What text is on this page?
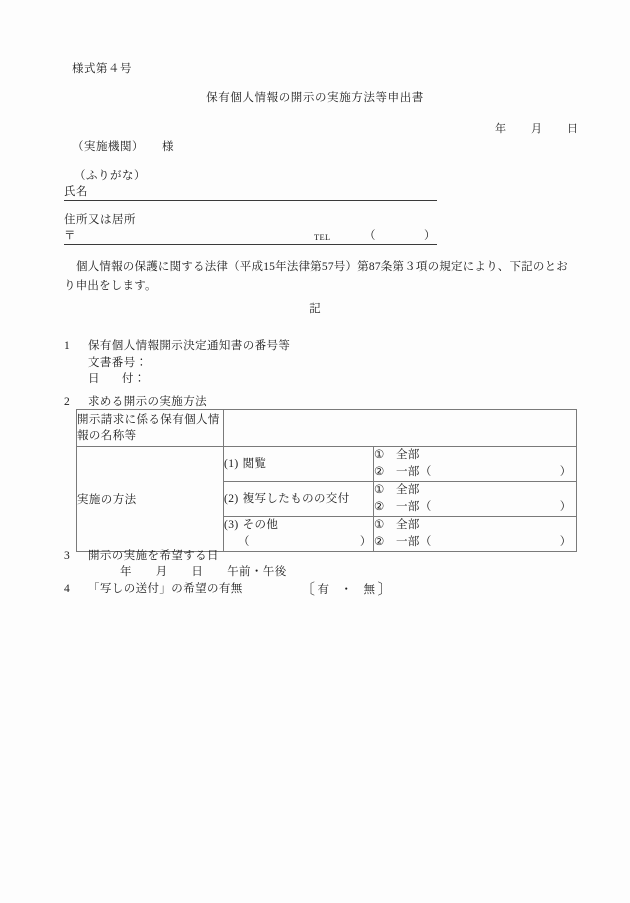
様式第４号
保有個人情報の開示の実施方法等申出書
年　月　日
（実施機関） 様
（ふりがな）
氏名
住所又は居所
〒	TEL	（　　　　）
個人情報の保護に関する法律（平成15年法律第57号）第87条第３項の規定により、下記のとおり申出をします。
記
1 保有個人情報開示決定通知書の番号等
文書番号：
日 付：
2 求める開示の実施方法
開示請求に係る保有個人情報の名称等		
実施の方法	(1) 閲覧	① 全部
② 一部（ ）

	(2) 複写したものの交付	① 全部
② 一部（ ）

	(3) その他
（ ）	① 全部
② 一部（ ）
3 開示の実施を希望する日
年　　月　　日　　午前・午後
4 「写しの送付」の希望の有無	〔 有 ・ 無 〕
